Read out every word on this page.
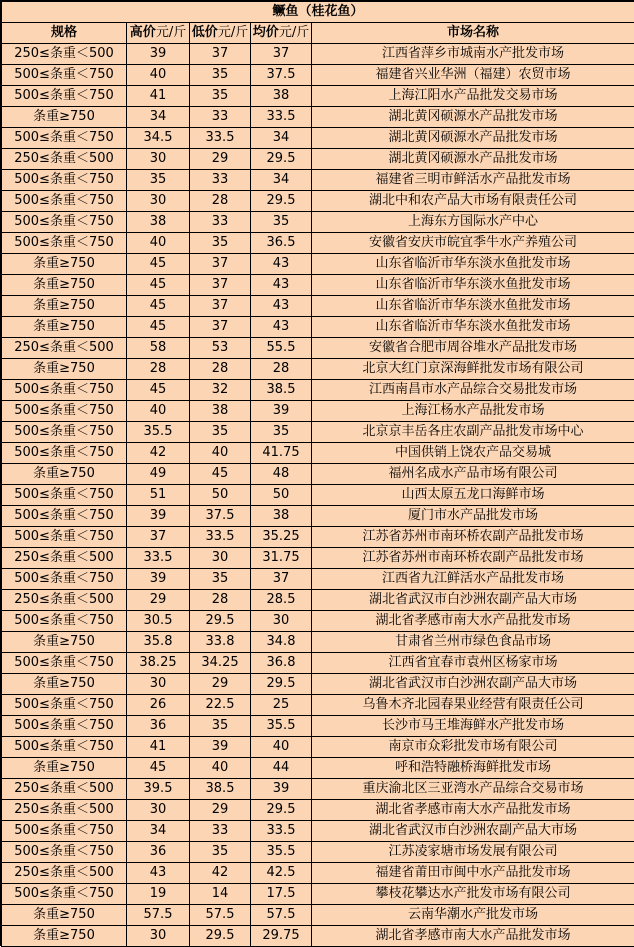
鳜鱼（桂花鱼）				
规格	高价元/斤	低价元/斤	均价元/斤	市场名称
250≤条重＜500	39	37	37	江西省萍乡市城南水产批发市场
500≤条重＜750	40	35	37.5	福建省兴业华洲（福建）农贸市场
500≤条重＜750	41	35	38	上海江阳水产品批发交易市场
条重≥750	34	33	33.5	湖北黄冈硕源水产品批发市场
500≤条重＜750	34.5	33.5	34	湖北黄冈硕源水产品批发市场
250≤条重＜500	30	29	29.5	湖北黄冈硕源水产品批发市场
500≤条重＜750	35	33	34	福建省三明市鲜活水产品批发市场
500≤条重＜750	30	28	29.5	湖北中和农产品大市场有限责任公司
500≤条重＜750	38	33	35	上海东方国际水产中心
500≤条重＜750	40	35	36.5	安徽省安庆市皖宜季牛水产养殖公司
条重≥750	45	37	43	山东省临沂市华东淡水鱼批发市场
条重≥750	45	37	43	山东省临沂市华东淡水鱼批发市场
条重≥750	45	37	43	山东省临沂市华东淡水鱼批发市场
条重≥750	45	37	43	山东省临沂市华东淡水鱼批发市场
250≤条重＜500	58	53	55.5	安徽省合肥市周谷堆水产品批发市场
条重≥750	28	28	28	北京大红门京深海鲜批发市场有限公司
500≤条重＜750	45	32	38.5	江西南昌市水产品综合交易批发市场
500≤条重＜750	40	38	39	上海江杨水产品批发市场
500≤条重＜750	35.5	35	35	北京京丰岳各庄农副产品批发市场中心
500≤条重＜750	42	40	41.75	中国供销上饶农产品交易城
条重≥750	49	45	48	福州名成水产品市场有限公司
500≤条重＜750	51	50	50	山西太原五龙口海鲜市场
500≤条重＜750	39	37.5	38	厦门市水产品批发市场
500≤条重＜750	37	33.5	35.25	江苏省苏州市南环桥农副产品批发市场
250≤条重＜500	33.5	30	31.75	江苏省苏州市南环桥农副产品批发市场
500≤条重＜750	39	35	37	江西省九江鲜活水产品批发市场
250≤条重＜500	29	28	28.5	湖北省武汉市白沙洲农副产品大市场
500≤条重＜750	30.5	29.5	30	湖北省孝感市南大水产品批发市场
条重≥750	35.8	33.8	34.8	甘肃省兰州市绿色食品市场
500≤条重＜750	38.25	34.25	36.8	江西省宜春市袁州区杨家市场
条重≥750	30	29	29.5	湖北省武汉市白沙洲农副产品大市场
500≤条重＜750	26	22.5	25	乌鲁木齐北园春果业经营有限责任公司
500≤条重＜750	36	35	35.5	长沙市马王堆海鲜水产批发市场
500≤条重＜750	41	39	40	南京市众彩批发市场有限公司
条重≥750	45	40	44	呼和浩特融桥海鲜批发市场
250≤条重＜500	39.5	38.5	39	重庆渝北区三亚湾水产品综合交易市场
250≤条重＜500	30	29	29.5	湖北省孝感市南大水产品批发市场
500≤条重＜750	34	33	33.5	湖北省武汉市白沙洲农副产品大市场
500≤条重＜750	36	35	35.5	江苏凌家塘市场发展有限公司
250≤条重＜500	43	42	42.5	福建省莆田市闽中水产品批发市场
500≤条重＜750	19	14	17.5	攀枝花攀达水产批发市场有限公司
条重≥750	57.5	57.5	57.5	云南华潮水产批发市场
条重≥750	30	29.5	29.75	湖北省孝感市南大水产品批发市场
